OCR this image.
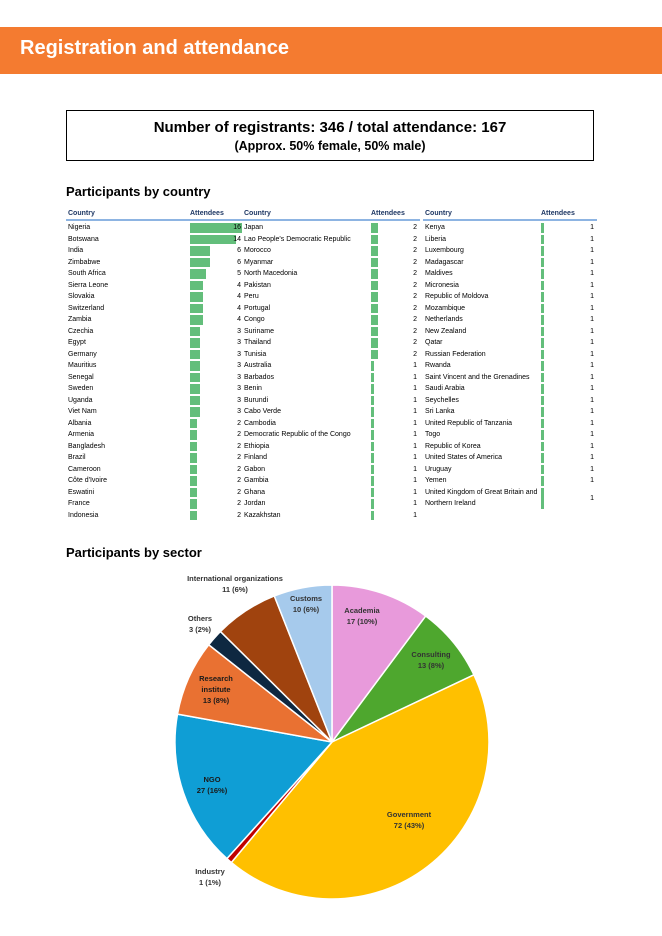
Registration and attendance
Number of registrants: 346 / total attendance: 167
(Approx. 50% female, 50% male)
Participants by country
Country	Attendees
Nigeria	16
Botswana	14
India	6
Zimbabwe	6
South Africa	5
Sierra Leone	4
Slovakia	4
Switzerland	4
Zambia	4
Czechia	3
Egypt	3
Germany	3
Mauritius	3
Senegal	3
Sweden	3
Uganda	3
Viet Nam	3
Albania	2
Armenia	2
Bangladesh	2
Brazil	2
Cameroon	2
Côte d'Ivoire	2
Eswatini	2
France	2
Indonesia	2
Country	Attendees
Japan	2
Lao People's Democratic Republic	2
Morocco	2
Myanmar	2
North Macedonia	2
Pakistan	2
Peru	2
Portugal	2
Congo	2
Suriname	2
Thailand	2
Tunisia	2
Australia	1
Barbados	1
Benin	1
Burundi	1
Cabo Verde	1
Cambodia	1
Democratic Republic of the Congo	1
Ethiopia	1
Finland	1
Gabon	1
Gambia	1
Ghana	1
Jordan	1
Kazakhstan	1
Country	Attendees
Kenya	1
Liberia	1
Luxembourg	1
Madagascar	1
Maldives	1
Micronesia	1
Republic of Moldova	1
Mozambique	1
Netherlands	1
New Zealand	1
Qatar	1
Russian Federation	1
Rwanda	1
Saint Vincent and the Grenadines	1
Saudi Arabia	1
Seychelles	1
Sri Lanka	1
United Republic of Tanzania	1
Togo	1
Republic of Korea	1
United States of America	1
Uruguay	1
Yemen	1
United Kingdom of Great Britain and Northern Ireland
1
Participants by sector
Academia
17 (10%)
Consulting
13 (8%)
Government
72 (43%)
Industry
1 (1%)
NGO
27 (16%)
Research
institute
13 (8%)
Others
3 (2%)
International organizations
11 (6%)
Customs
10 (6%)
